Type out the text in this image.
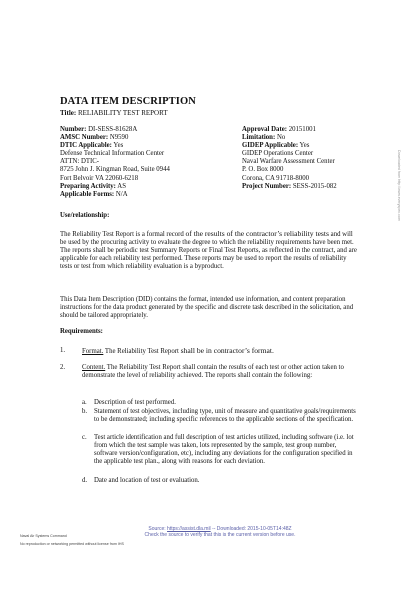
DATA ITEM DESCRIPTION
Title: RELIABILITY TEST REPORT
Number: DI-SESS-81628A
AMSC Number: N9590
DTIC Applicable: Yes
Defense Technical Information Center
ATTN: DTIC-
8725 John J. Kingman Road, Suite 0944
Fort Belvoir VA 22060-6218
Preparing Activity: AS
Applicable Forms: N/A
Approval Date: 20151001
Limitation: No
GIDEP Applicable: Yes
GIDEP Operations Center
Naval Warfare Assessment Center
P. O. Box 8000
Corona, CA 91718-8000
Project Number: SESS-2015-082	Downloaded from http://www.everyspec.com
Use/relationship:
The Reliability Test Report is a formal record of the results of the contractor’s reliability tests and will be used by the procuring activity to evaluate the degree to which the reliability requirements have been met. The reports shall be periodic test Summary Reports or Final Test Reports, as reflected in the contract, and are applicable for each reliability test performed. These reports may be used to report the results of reliability tests or test from which reliability evaluation is a byproduct.
This Data Item Description (DID) contains the format, intended use information, and content preparation instructions for the data product generated by the specific and discrete task described in the solicitation, and should be tailored appropriately.
Requirements:
1. Format. The Reliability Test Report shall be in contractor’s format.
2. Content. The Reliability Test Report shall contain the results of each test or other action taken to demonstrate the level of reliability achieved. The reports shall contain the following:
a. Description of test performed.
b. Statement of test objectives, including type, unit of measure and quantitative goals/requirements to be demonstrated; including specific references to the applicable sections of the specification.
c. Test article identification and full description of test articles utilized, including software (i.e. lot from which the test sample was taken, lots represented by the sample, test group number, software version/configuration, etc), including any deviations for the configuration specified in the applicable test plan., along with reasons for each deviation.
d. Date and location of test or evaluation.
Naval Air Systems Command
No reproduction or networking permitted without license from IHS
Source: https://assist.dla.mil -- Downloaded: 2015-10-05T14:48Z
Check the source to verify that this is the current version before use.
